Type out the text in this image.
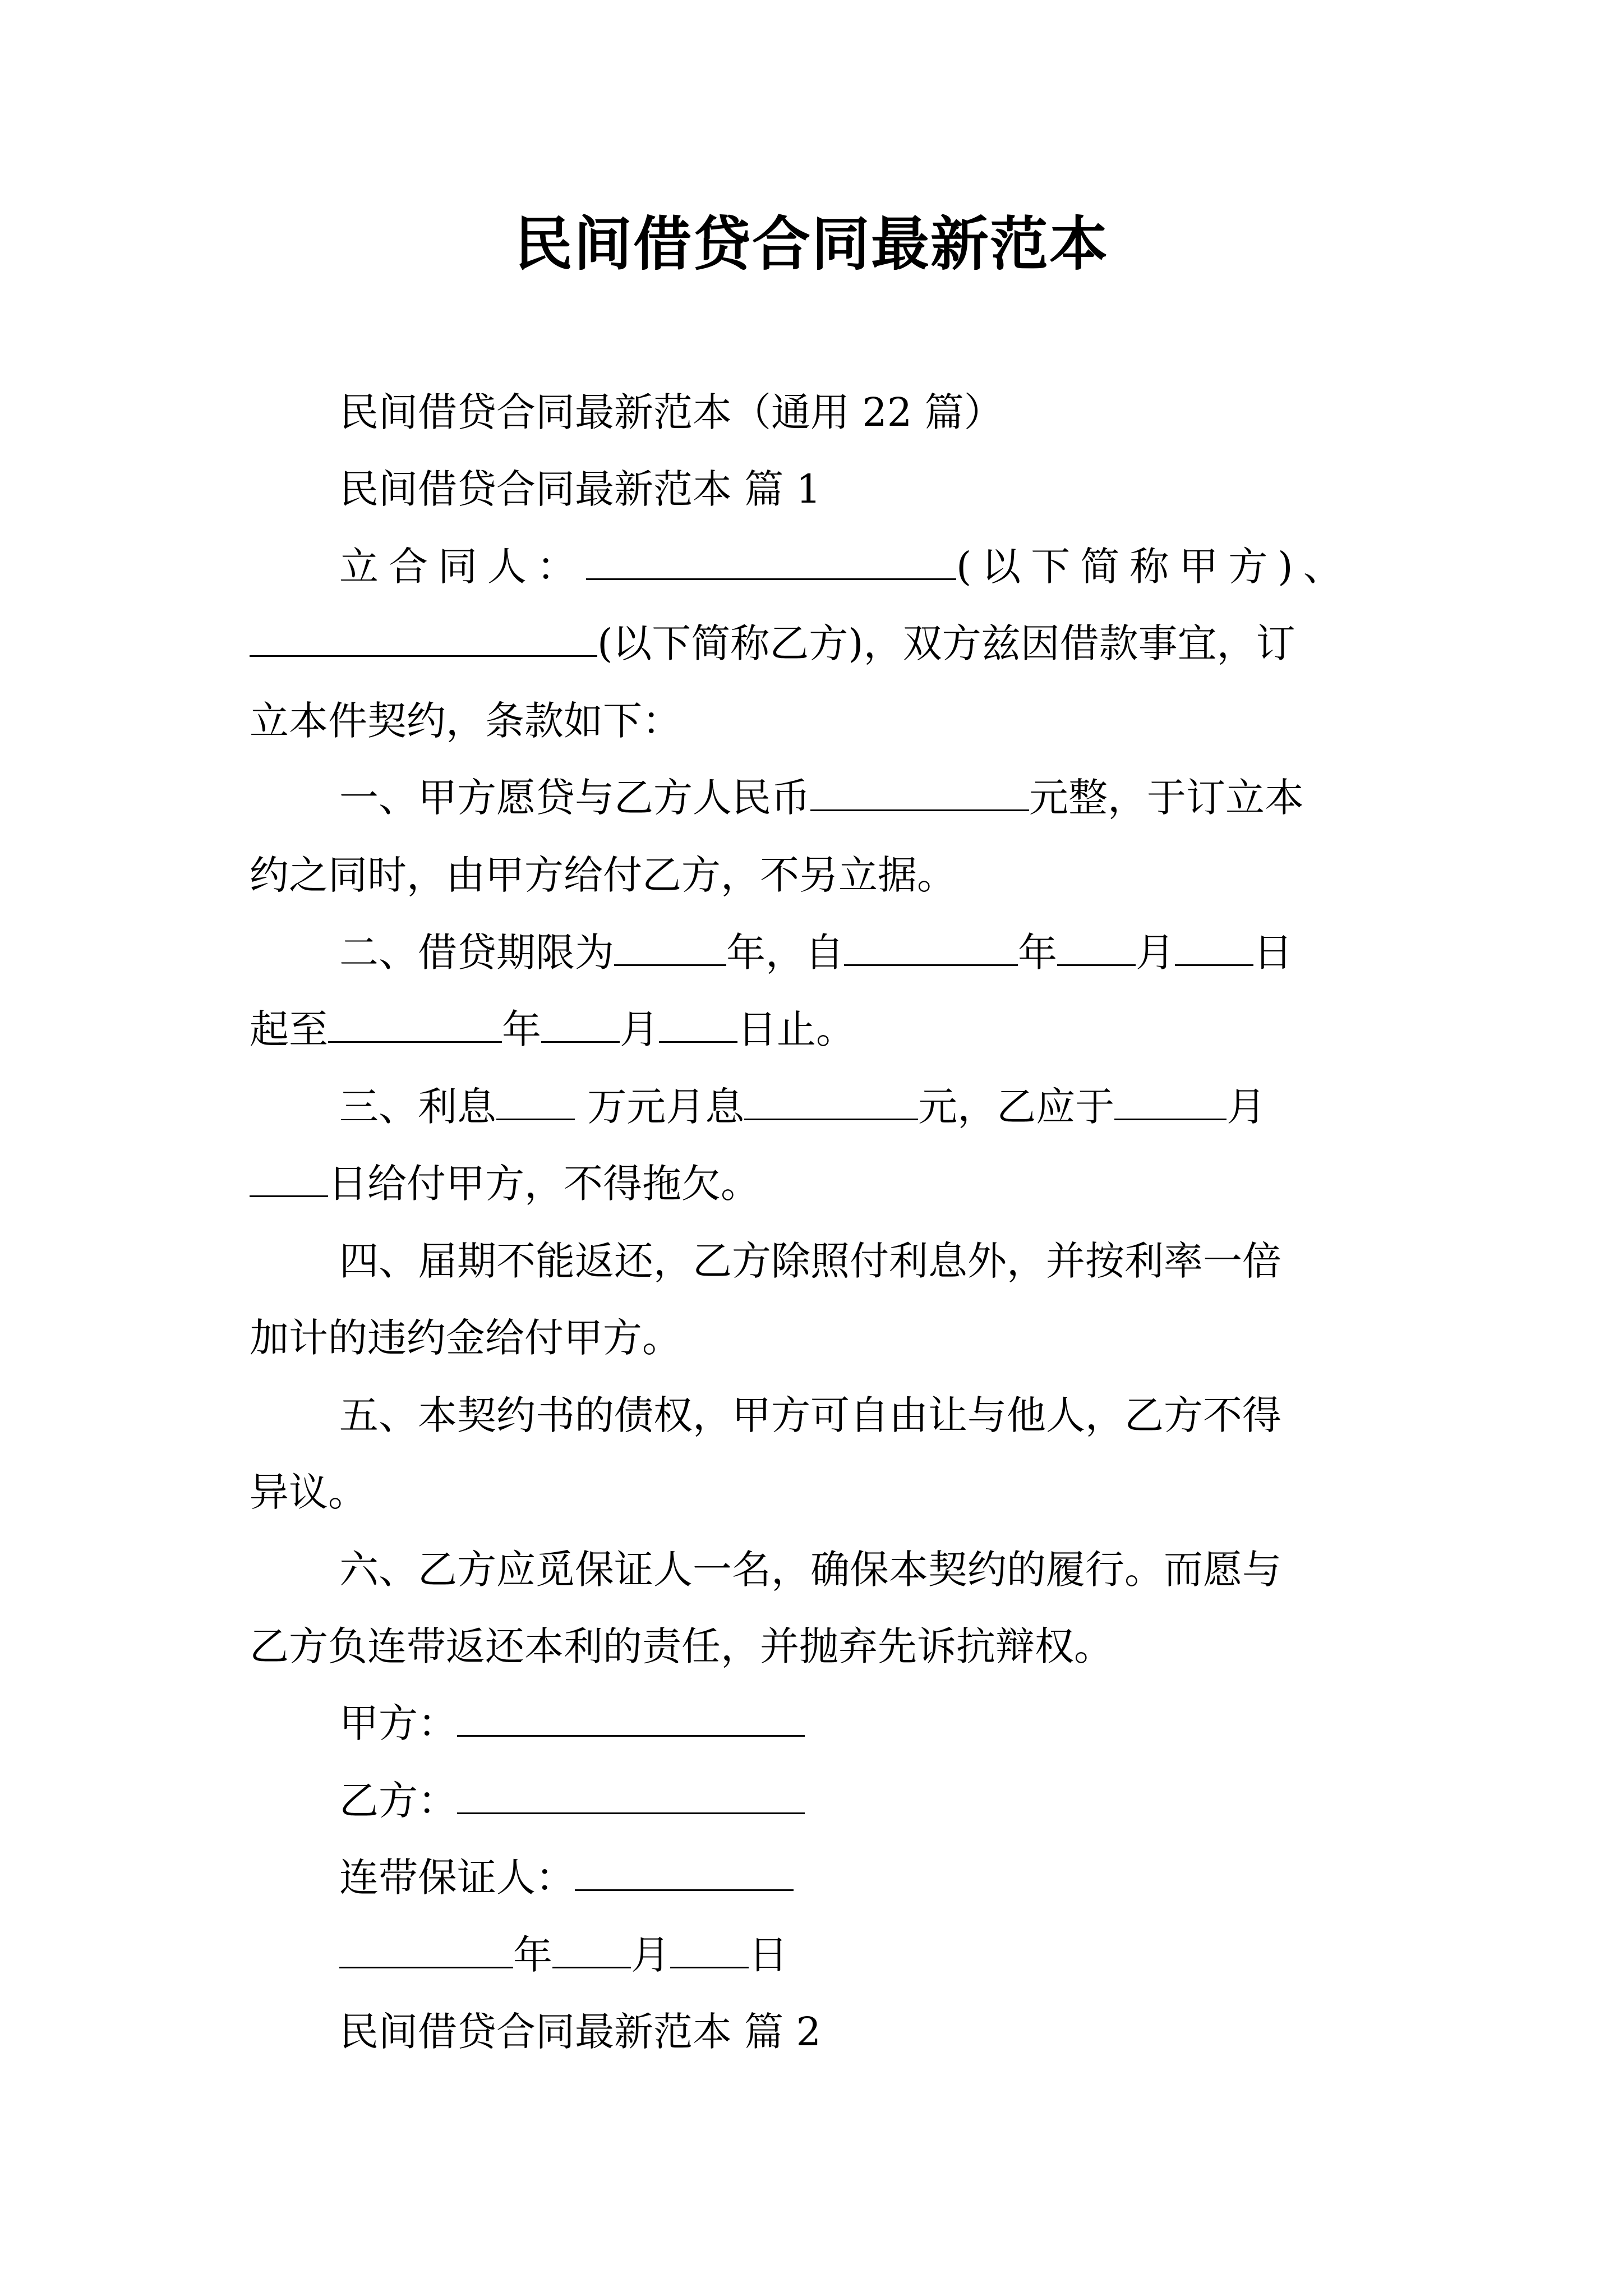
民间借贷合同最新范本
民间借贷合同最新范本（通用 22 篇）
民间借贷合同最新范本 篇 1
立合同人：	(以下简称甲方)、
(以下简称乙方)，双方兹因借款事宜，订
立本件契约，条款如下：
一、甲方愿贷与乙方人民币	元整，于订立本
约之同时，由甲方给付乙方，不另立据。
二、借贷期限为	年，自	年 月 日
起至	年 月 日止。
三、利息 万元月息	元，乙应于	月
日给付甲方，不得拖欠。
四、届期不能返还，乙方除照付利息外，并按利率一倍
加计的违约金给付甲方。
五、本契约书的债权，甲方可自由让与他人，乙方不得
异议。
六、乙方应觅保证人一名，确保本契约的履行。而愿与
乙方负连带返还本利的责任，并抛弃先诉抗辩权。
甲方：
乙方：
连带保证人：
年 月 日
民间借贷合同最新范本 篇 2
